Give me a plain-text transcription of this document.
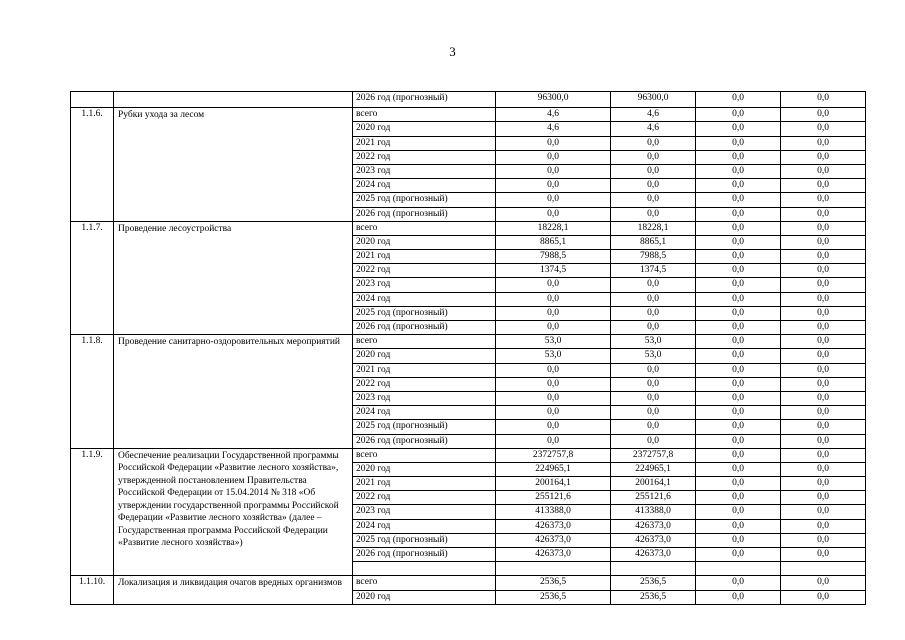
3
		2026 год (прогнозный)	96300,0	96300,0	0,0	0,0
1.1.6.	Рубки ухода за лесом	всего	4,6	4,6	0,0	0,0
		2020 год	4,6	4,6	0,0	0,0
		2021 год	0,0	0,0	0,0	0,0
		2022 год	0,0	0,0	0,0	0,0
		2023 год	0,0	0,0	0,0	0,0
		2024 год	0,0	0,0	0,0	0,0
		2025 год (прогнозный)	0,0	0,0	0,0	0,0
		2026 год (прогнозный)	0,0	0,0	0,0	0,0
1.1.7.	Проведение лесоустройства	всего	18228,1	18228,1	0,0	0,0
		2020 год	8865,1	8865,1	0,0	0,0
		2021 год	7988,5	7988,5	0,0	0,0
		2022 год	1374,5	1374,5	0,0	0,0
		2023 год	0,0	0,0	0,0	0,0
		2024 год	0,0	0,0	0,0	0,0
		2025 год (прогнозный)	0,0	0,0	0,0	0,0
		2026 год (прогнозный)	0,0	0,0	0,0	0,0
1.1.8.	Проведение санитарно-оздоровительных мероприятий	всего	53,0	53,0	0,0	0,0
		2020 год	53,0	53,0	0,0	0,0
		2021 год	0,0	0,0	0,0	0,0
		2022 год	0,0	0,0	0,0	0,0
		2023 год	0,0	0,0	0,0	0,0
		2024 год	0,0	0,0	0,0	0,0
		2025 год (прогнозный)	0,0	0,0	0,0	0,0
		2026 год (прогнозный)	0,0	0,0	0,0	0,0
1.1.9.	Обеспечение реализации Государственной программы Российской Федерации «Развитие лесного хозяйства», утвержденной постановлением Правительства Российской Федерации от 15.04.2014 № 318 «Об утверждении государственной программы Российской Федерации «Развитие лесного хозяйства» (далее – Государственная программа Российской Федерации «Развитие лесного хозяйства»)	всего	2372757,8	2372757,8	0,0	0,0
		2020 год	224965,1	224965,1	0,0	0,0
		2021 год	200164,1	200164,1	0,0	0,0
		2022 год	255121,6	255121,6	0,0	0,0
		2023 год	413388,0	413388,0	0,0	0,0
		2024 год	426373,0	426373,0	0,0	0,0
		2025 год (прогнозный)	426373,0	426373,0	0,0	0,0
		2026 год (прогнозный)	426373,0	426373,0	0,0	0,0

1.1.10.	Локализация и ликвидация очагов вредных организмов	всего	2536,5	2536,5	0,0	0,0
		2020 год	2536,5	2536,5	0,0	0,0
